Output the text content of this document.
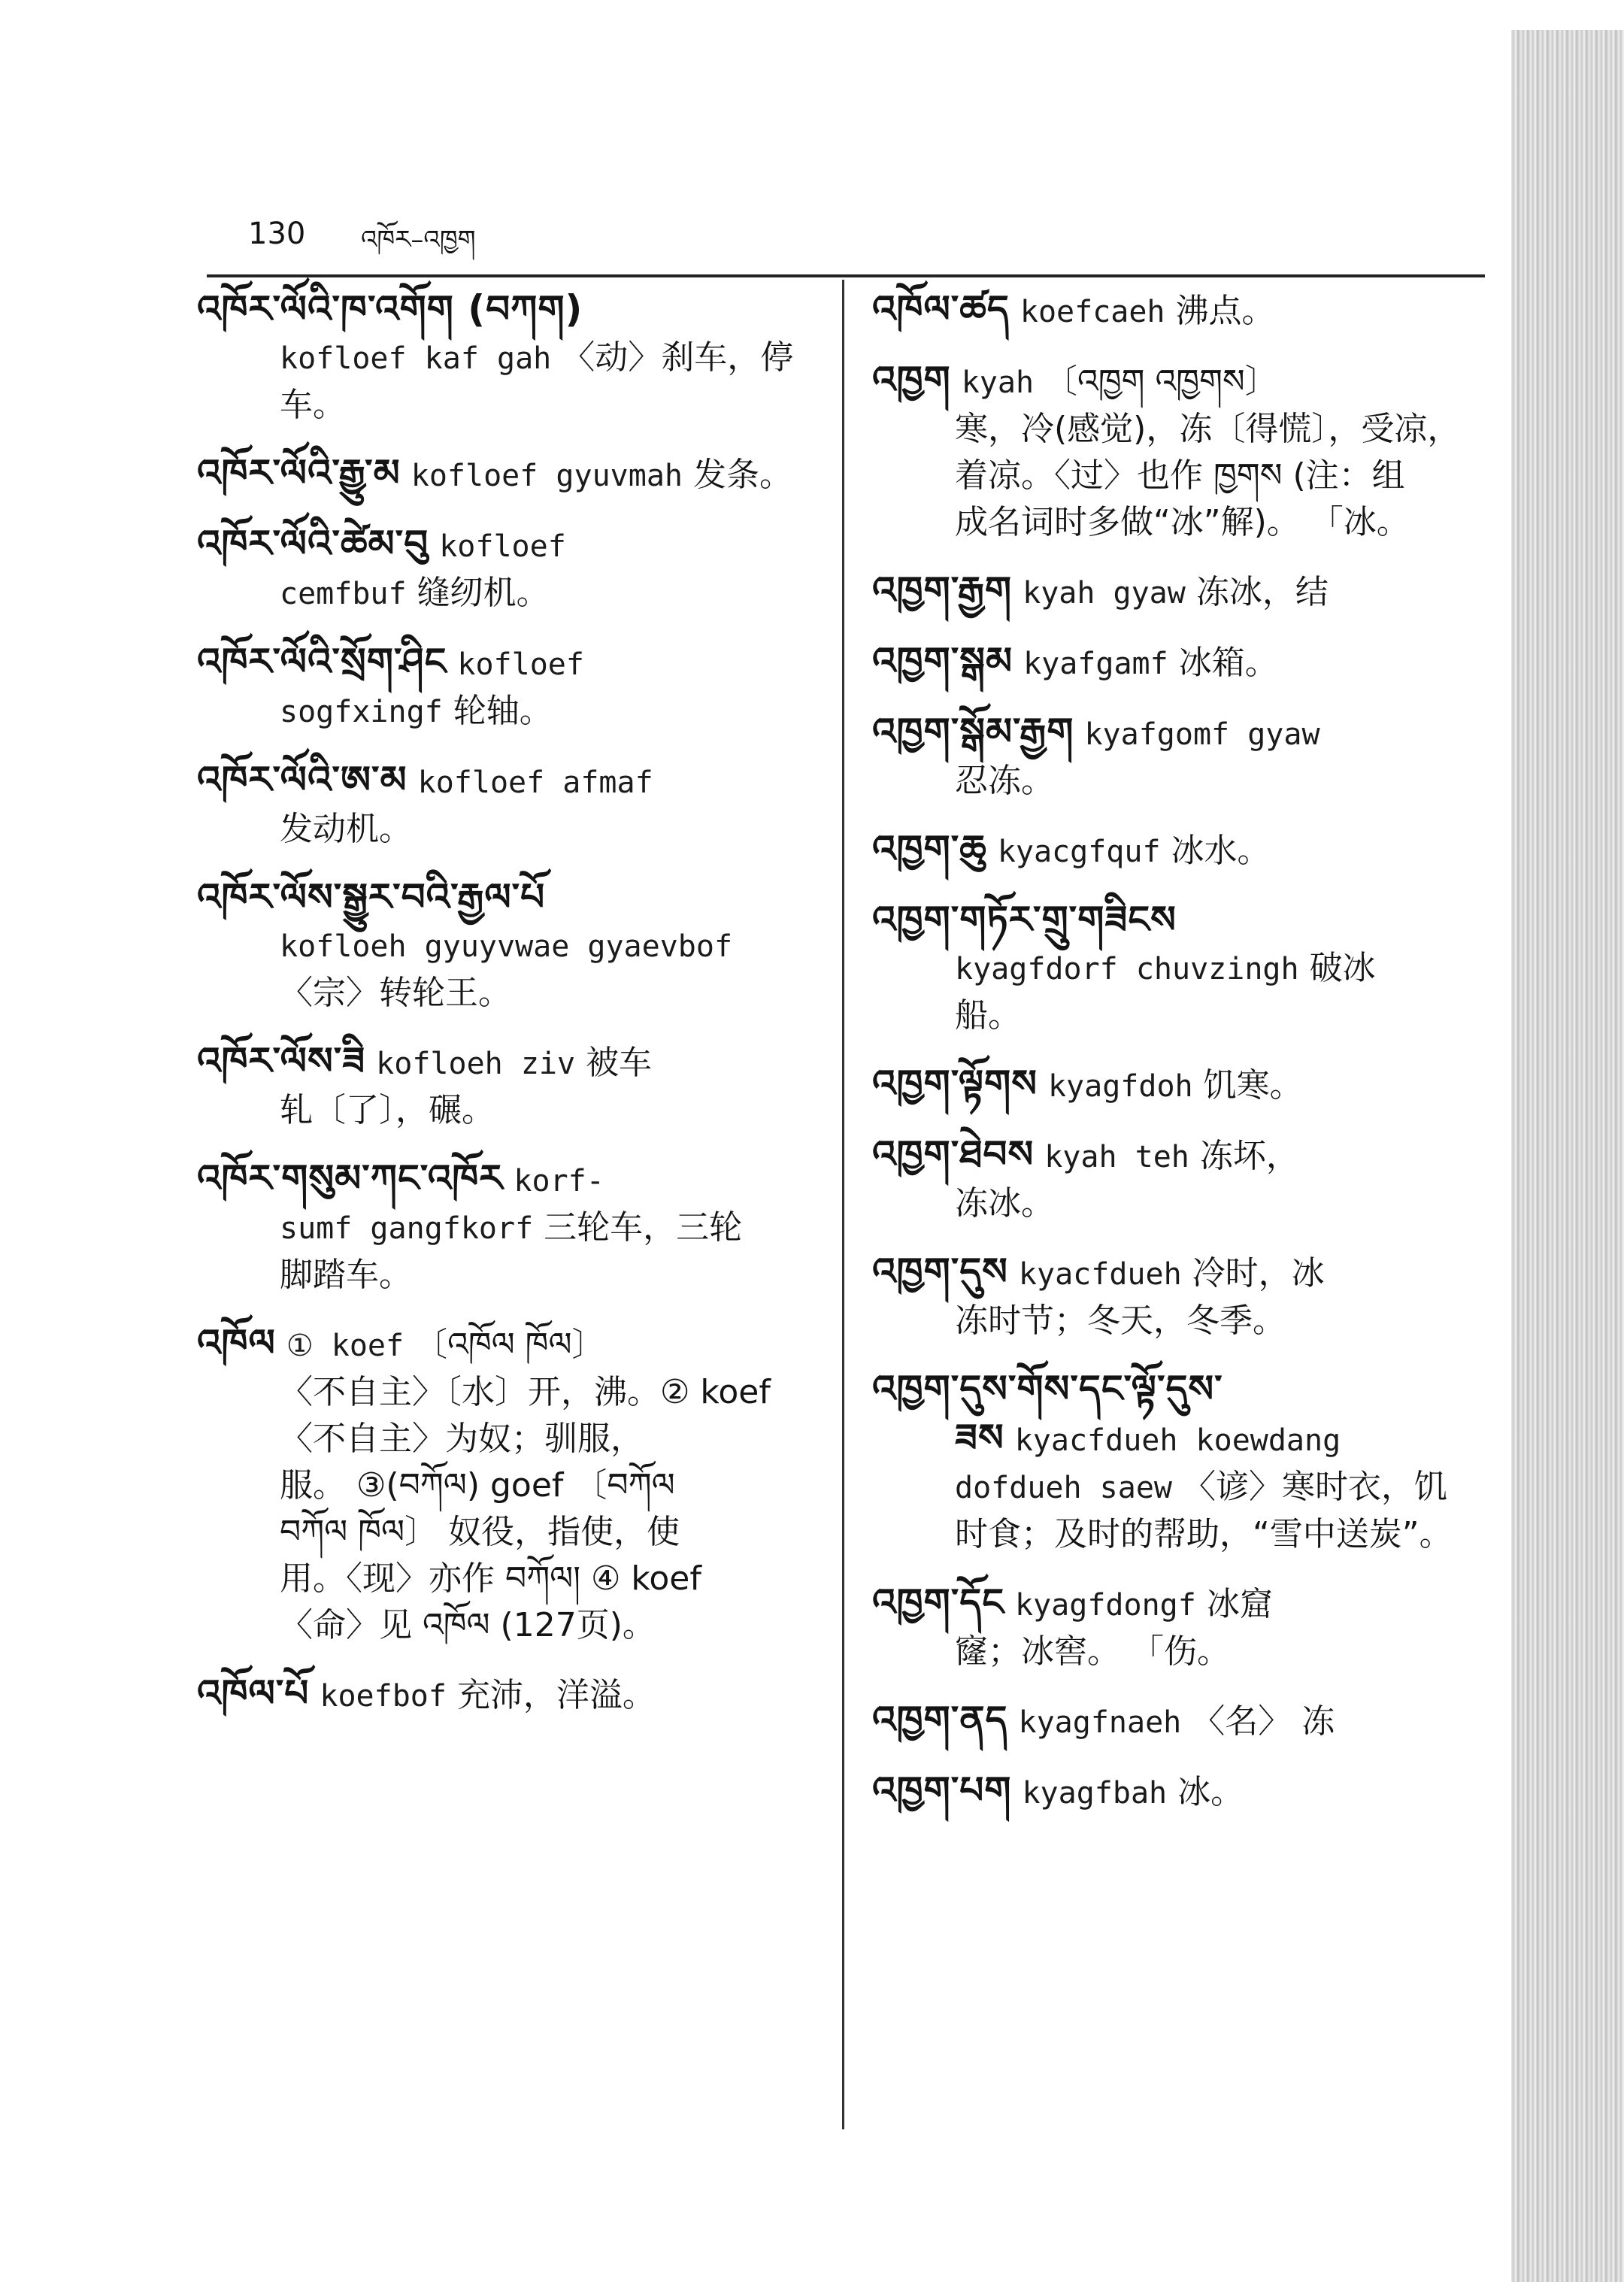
130 འཁོར–འཁྱག
འཁོར་ལོའི་ཁ་འགོག (བཀག)
kofloef kaf gah 〈动〉刹车，停车。
འཁོར་ལོའི་རྒྱུ་མ kofloef gyuvmah 发条。
འཁོར་ལོའི་ཚེམ་བུ kofloef
cemfbuf 缝纫机。
འཁོར་ལོའི་སྲོག་ཤིང kofloef
sogfxingf 轮轴。
འཁོར་ལོའི་ཨ་མ kofloef afmaf
发动机。
འཁོར་ལོས་སྒྱུར་བའི་རྒྱལ་པོ
kofloeh gyuyvwae gyaevbof
〈宗〉转轮王。
འཁོར་ལོས་ཟི kofloeh ziv 被车
轧〔了〕，碾。
འཁོར་གསུམ་ཀང་འཁོར korf-
sumf gangfkorf 三轮车，三轮
脚踏车。
འཁོལ ① koef 〔འཁོལ ཁོལ〕
〈不自主〉〔水〕开，沸。② koef
〈不自主〉为奴；驯服，
服。 ③(བཀོལ) goef 〔བཀོལ
བཀོལ ཁོལ〕 奴役，指使，使
用。〈现〉亦作 བཀོལ། ④ koef
〈命〉见 འཁོལ (127页)。
འཁོལ་པོ koefbof 充沛，洋溢。
འཁོལ་ཚད koefcaeh 沸点。
འཁྱག kyah 〔འཁྱག འཁྱགས〕
寒，冷(感觉)，冻〔得慌〕，受凉，
着凉。〈过〉也作 ཁྱགས (注：组
成名词时多做“冰”解)。 「冰。
འཁྱག་རྒྱག kyah gyaw 冻冰，结
འཁྱག་སྒམ kyafgamf 冰箱。
འཁྱག་སྒོམ་རྒྱག kyafgomf gyaw
忍冻。
འཁྱག་ཆུ kyacgfquf 冰水。
འཁྱག་གཏོར་གྲུ་གཟིངས
kyagfdorf chuvzingh 破冰
船。
འཁྱག་ལྟོགས kyagfdoh 饥寒。
འཁྱག་ཐེབས kyah teh 冻坏，
冻冰。
འཁྱག་དུས kyacfdueh 冷时，冰
冻时节；冬天，冬季。
འཁྱག་དུས་གོས་དང་ལྟོ་དུས་
ཟས kyacfdueh koewdang
dofdueh saew 〈谚〉寒时衣，饥
时食；及时的帮助，“雪中送炭”。
འཁྱག་དོང kyagfdongf 冰窟
窿；冰窖。 「伤。
འཁྱག་ནད kyagfnaeh 〈名〉 冻
འཁྱག་པག kyagfbah 冰。
